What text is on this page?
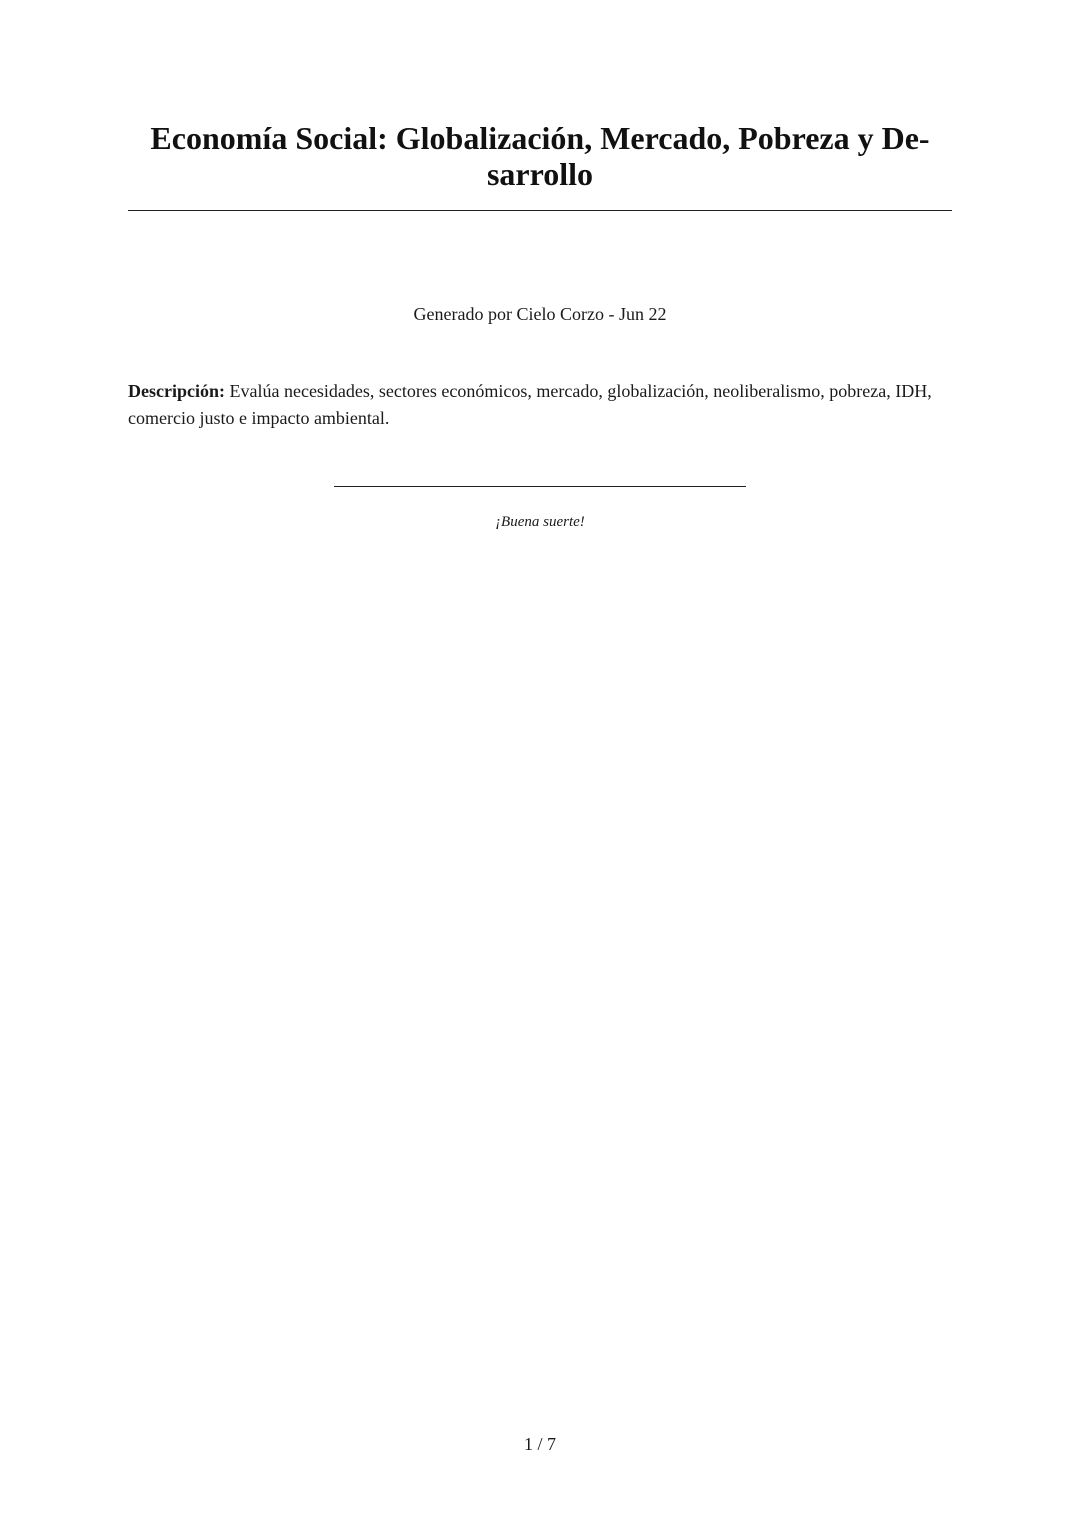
Economía Social: Globalización, Mercado, Pobreza y De-
sarrollo
Generado por Cielo Corzo - Jun 22

Descripción: Evalúa necesidades, sectores económicos, mercado, globalización, neoliberalismo, pobreza, IDH, comercio justo e impacto ambiental.

¡Buena suerte!
1 / 7
